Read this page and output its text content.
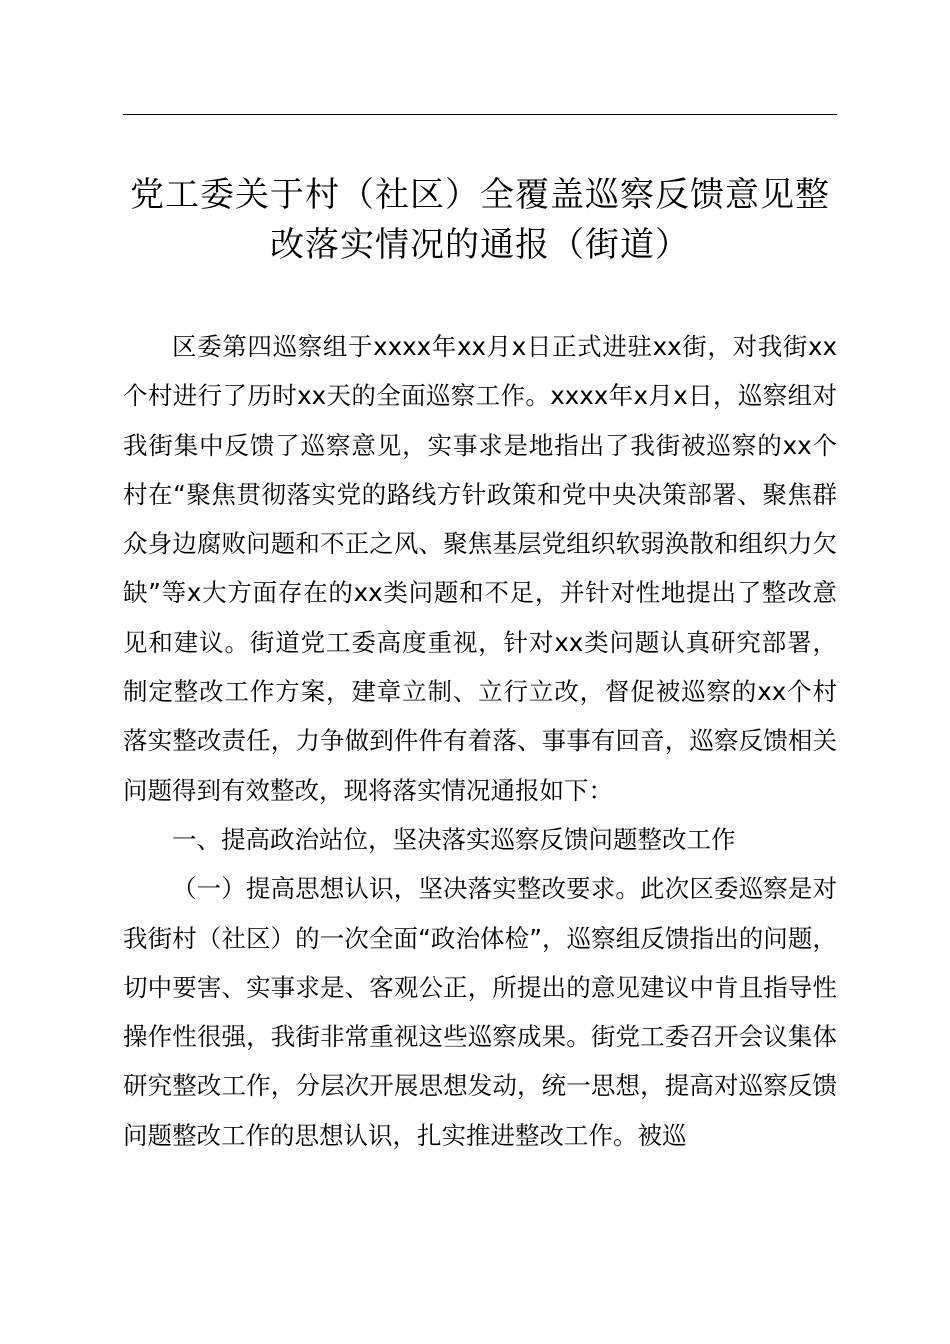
党工委关于村（社区）全覆盖巡察反馈意见整改落实情况的通报（街道）

区委第四巡察组于xxxx年xx月x日正式进驻xx街，对我街xx个村进行了历时xx天的全面巡察工作。xxxx年x月x日，巡察组对我街集中反馈了巡察意见，实事求是地指出了我街被巡察的xx个村在“聚焦贯彻落实党的路线方针政策和党中央决策部署、聚焦群众身边腐败问题和不正之风、聚焦基层党组织软弱涣散和组织力欠缺”等x大方面存在的xx类问题和不足，并针对性地提出了整改意见和建议。街道党工委高度重视，针对xx类问题认真研究部署，制定整改工作方案，建章立制、立行立改，督促被巡察的xx个村落实整改责任，力争做到件件有着落、事事有回音，巡察反馈相关问题得到有效整改，现将落实情况通报如下：

一、提高政治站位，坚决落实巡察反馈问题整改工作

（一）提高思想认识，坚决落实整改要求。此次区委巡察是对我街村（社区）的一次全面“政治体检”，巡察组反馈指出的问题，切中要害、实事求是、客观公正，所提出的意见建议中肯且指导性操作性很强，我街非常重视这些巡察成果。街党工委召开会议集体研究整改工作，分层次开展思想发动，统一思想，提高对巡察反馈问题整改工作的思想认识，扎实推进整改工作。被巡
